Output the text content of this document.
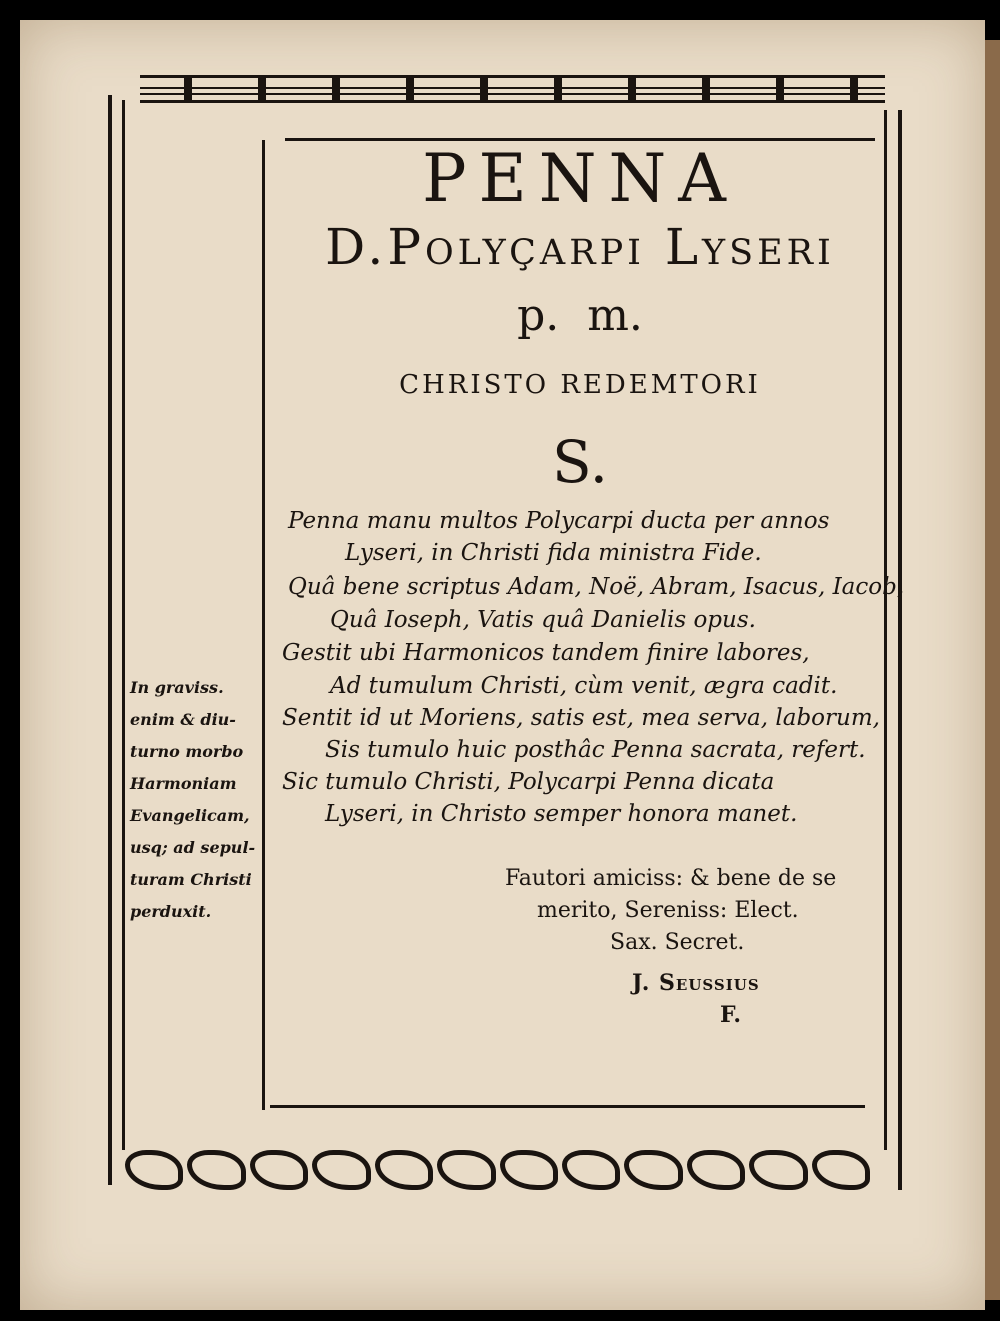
PENNA
D.Polyçarpi Lyseri
p.  m.
CHRISTO REDEMTORI
S.
Penna manu multos Polycarpi ducta per annos
Lyseri, in Christi fida ministra Fide.
Quâ bene scriptus Adam, Noë, Abram, Isacus, Iacob,
Quâ Ioseph, Vatis quâ Danielis opus.
Gestit ubi Harmonicos tandem finire labores,
Ad tumulum Christi, cùm venit, ægra cadit.
Sentit id ut Moriens, satis est, mea serva, laborum,
Sis tumulo huic posthâc Penna sacrata, refert.
Sic tumulo Christi, Polycarpi Penna dicata
Lyseri, in Christo semper honora manet.
In graviss.
enim & diu-
turno morbo
Harmoniam
Evangelicam,
usq; ad sepul-
turam Christi
perduxit.
Fautori amiciss: & bene de se
merito, Sereniss: Elect.
Sax. Secret.
J. Seussius
F.
